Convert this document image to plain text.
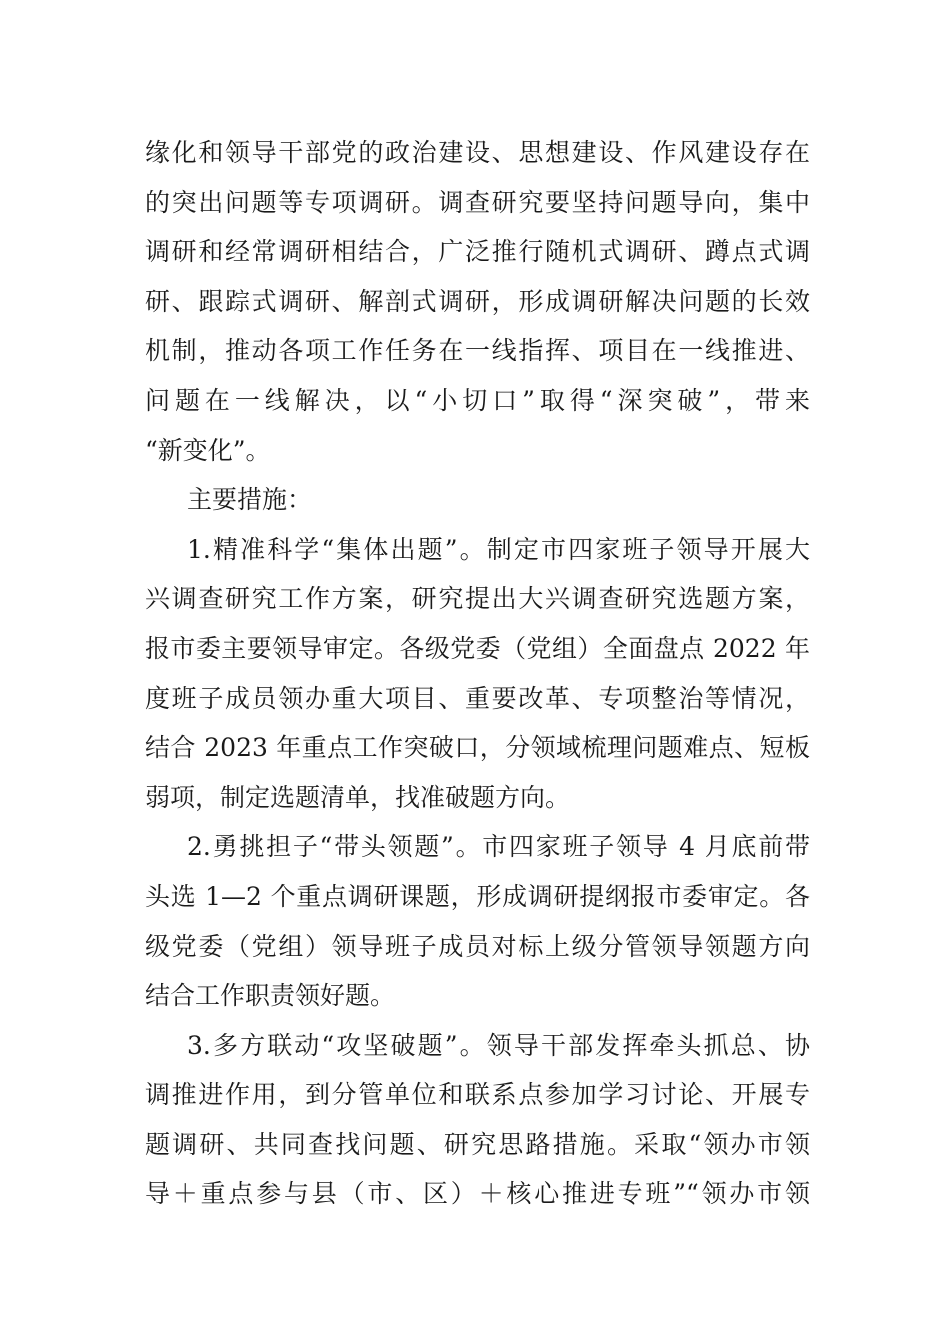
缘化和领导干部党的政治建设、思想建设、作风建设存在
的突出问题等专项调研。调查研究要坚持问题导向，集中
调研和经常调研相结合，广泛推行随机式调研、蹲点式调
研、跟踪式调研、解剖式调研，形成调研解决问题的长效
机制，推动各项工作任务在一线指挥、项目在一线推进、
问题在一线解决，以“小切口”取得“深突破”，带来
“新变化”。
主要措施：
1.精准科学“集体出题”。制定市四家班子领导开展大
兴调查研究工作方案，研究提出大兴调查研究选题方案，
报市委主要领导审定。各级党委（党组）全面盘点 2022 年
度班子成员领办重大项目、重要改革、专项整治等情况，
结合 2023 年重点工作突破口，分领域梳理问题难点、短板
弱项，制定选题清单，找准破题方向。
2.勇挑担子“带头领题”。市四家班子领导 4 月底前带
头选 1—2 个重点调研课题，形成调研提纲报市委审定。各
级党委（党组）领导班子成员对标上级分管领导领题方向
结合工作职责领好题。
3.多方联动“攻坚破题”。领导干部发挥牵头抓总、协
调推进作用，到分管单位和联系点参加学习讨论、开展专
题调研、共同查找问题、研究思路措施。采取“领办市领
导＋重点参与县（市、区）＋核心推进专班”“领办市领
